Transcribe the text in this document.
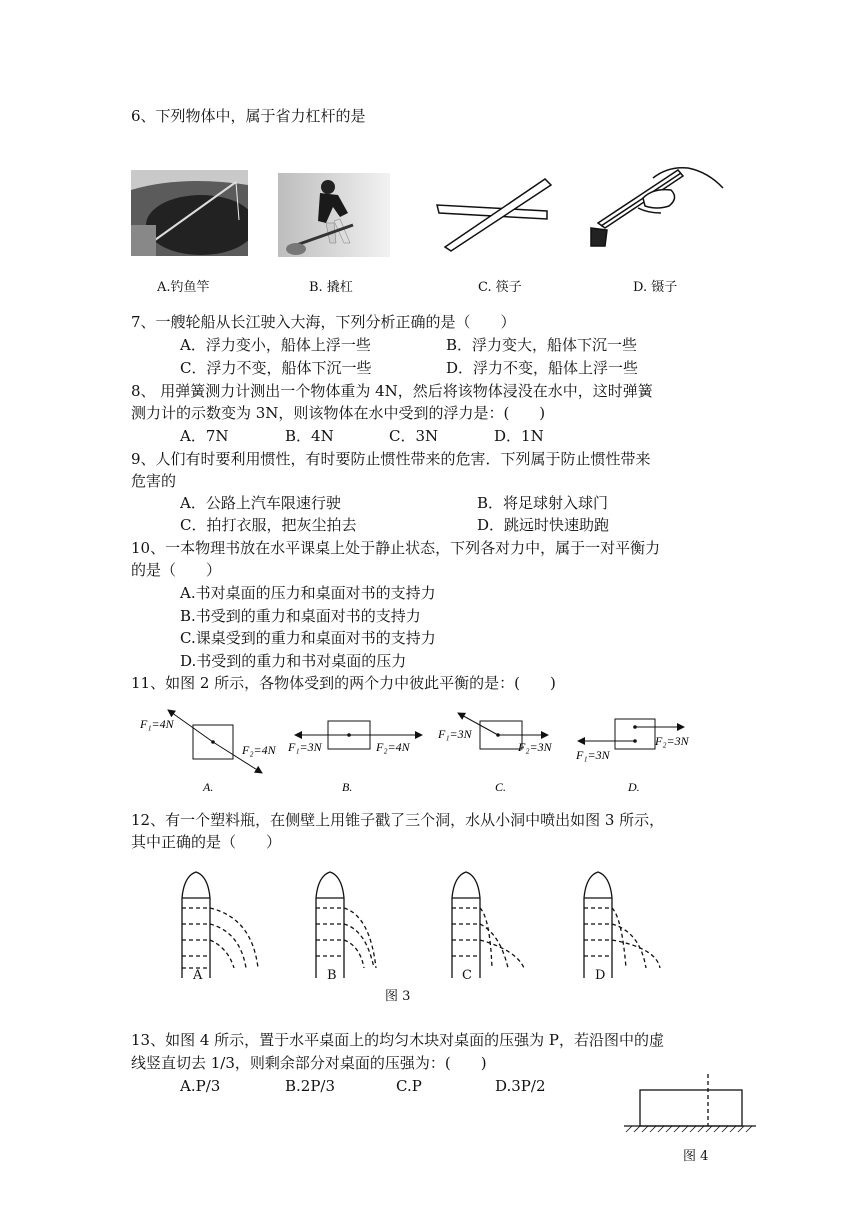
6、下列物体中，属于省力杠杆的是
A.钓鱼竿	B. 撬杠	C. 筷子	D. 镊子
7、一艘轮船从长江驶入大海，下列分析正确的是（　　）
A．浮力变小，船体上浮一些	B．浮力变大，船体下沉一些
C．浮力不变，船体下沉一些	D．浮力不变，船体上浮一些
8、 用弹簧测力计测出一个物体重为 4N，然后将该物体浸没在水中，这时弹簧
测力计的示数变为 3N，则该物体在水中受到的浮力是：(　　)
A．7N	B．4N	C．3N	D．1N
9、人们有时要利用惯性，有时要防止惯性带来的危害．下列属于防止惯性带来
危害的
A．公路上汽车限速行驶	B．将足球射入球门
C．拍打衣服，把灰尘拍去	D．跳远时快速助跑
10、一本物理书放在水平课桌上处于静止状态，下列各对力中，属于一对平衡力
的是（　　）
A.书对桌面的压力和桌面对书的支持力
B.书受到的重力和桌面对书的支持力
C.课桌受到的重力和桌面对书的支持力
D.书受到的重力和书对桌面的压力
11、如图 2 所示，各物体受到的两个力中彼此平衡的是：(　　)
F₁=4N
F₂=4N
A.
F₁=3N	F₂=4N
B.
F₁=3N
F₂=3N
C.
F₂=3N
F₁=3N
D.
12、有一个塑料瓶，在侧壁上用锥子戳了三个洞，水从小洞中喷出如图 3 所示，
其中正确的是（　　）
A	B	C	D
图 3
13、如图 4 所示，置于水平桌面上的均匀木块对桌面的压强为 P，若沿图中的虚
线竖直切去 1/3，则剩余部分对桌面的压强为：(　　)
A.P/3	B.2P/3	C.P	D.3P/2
图 4
